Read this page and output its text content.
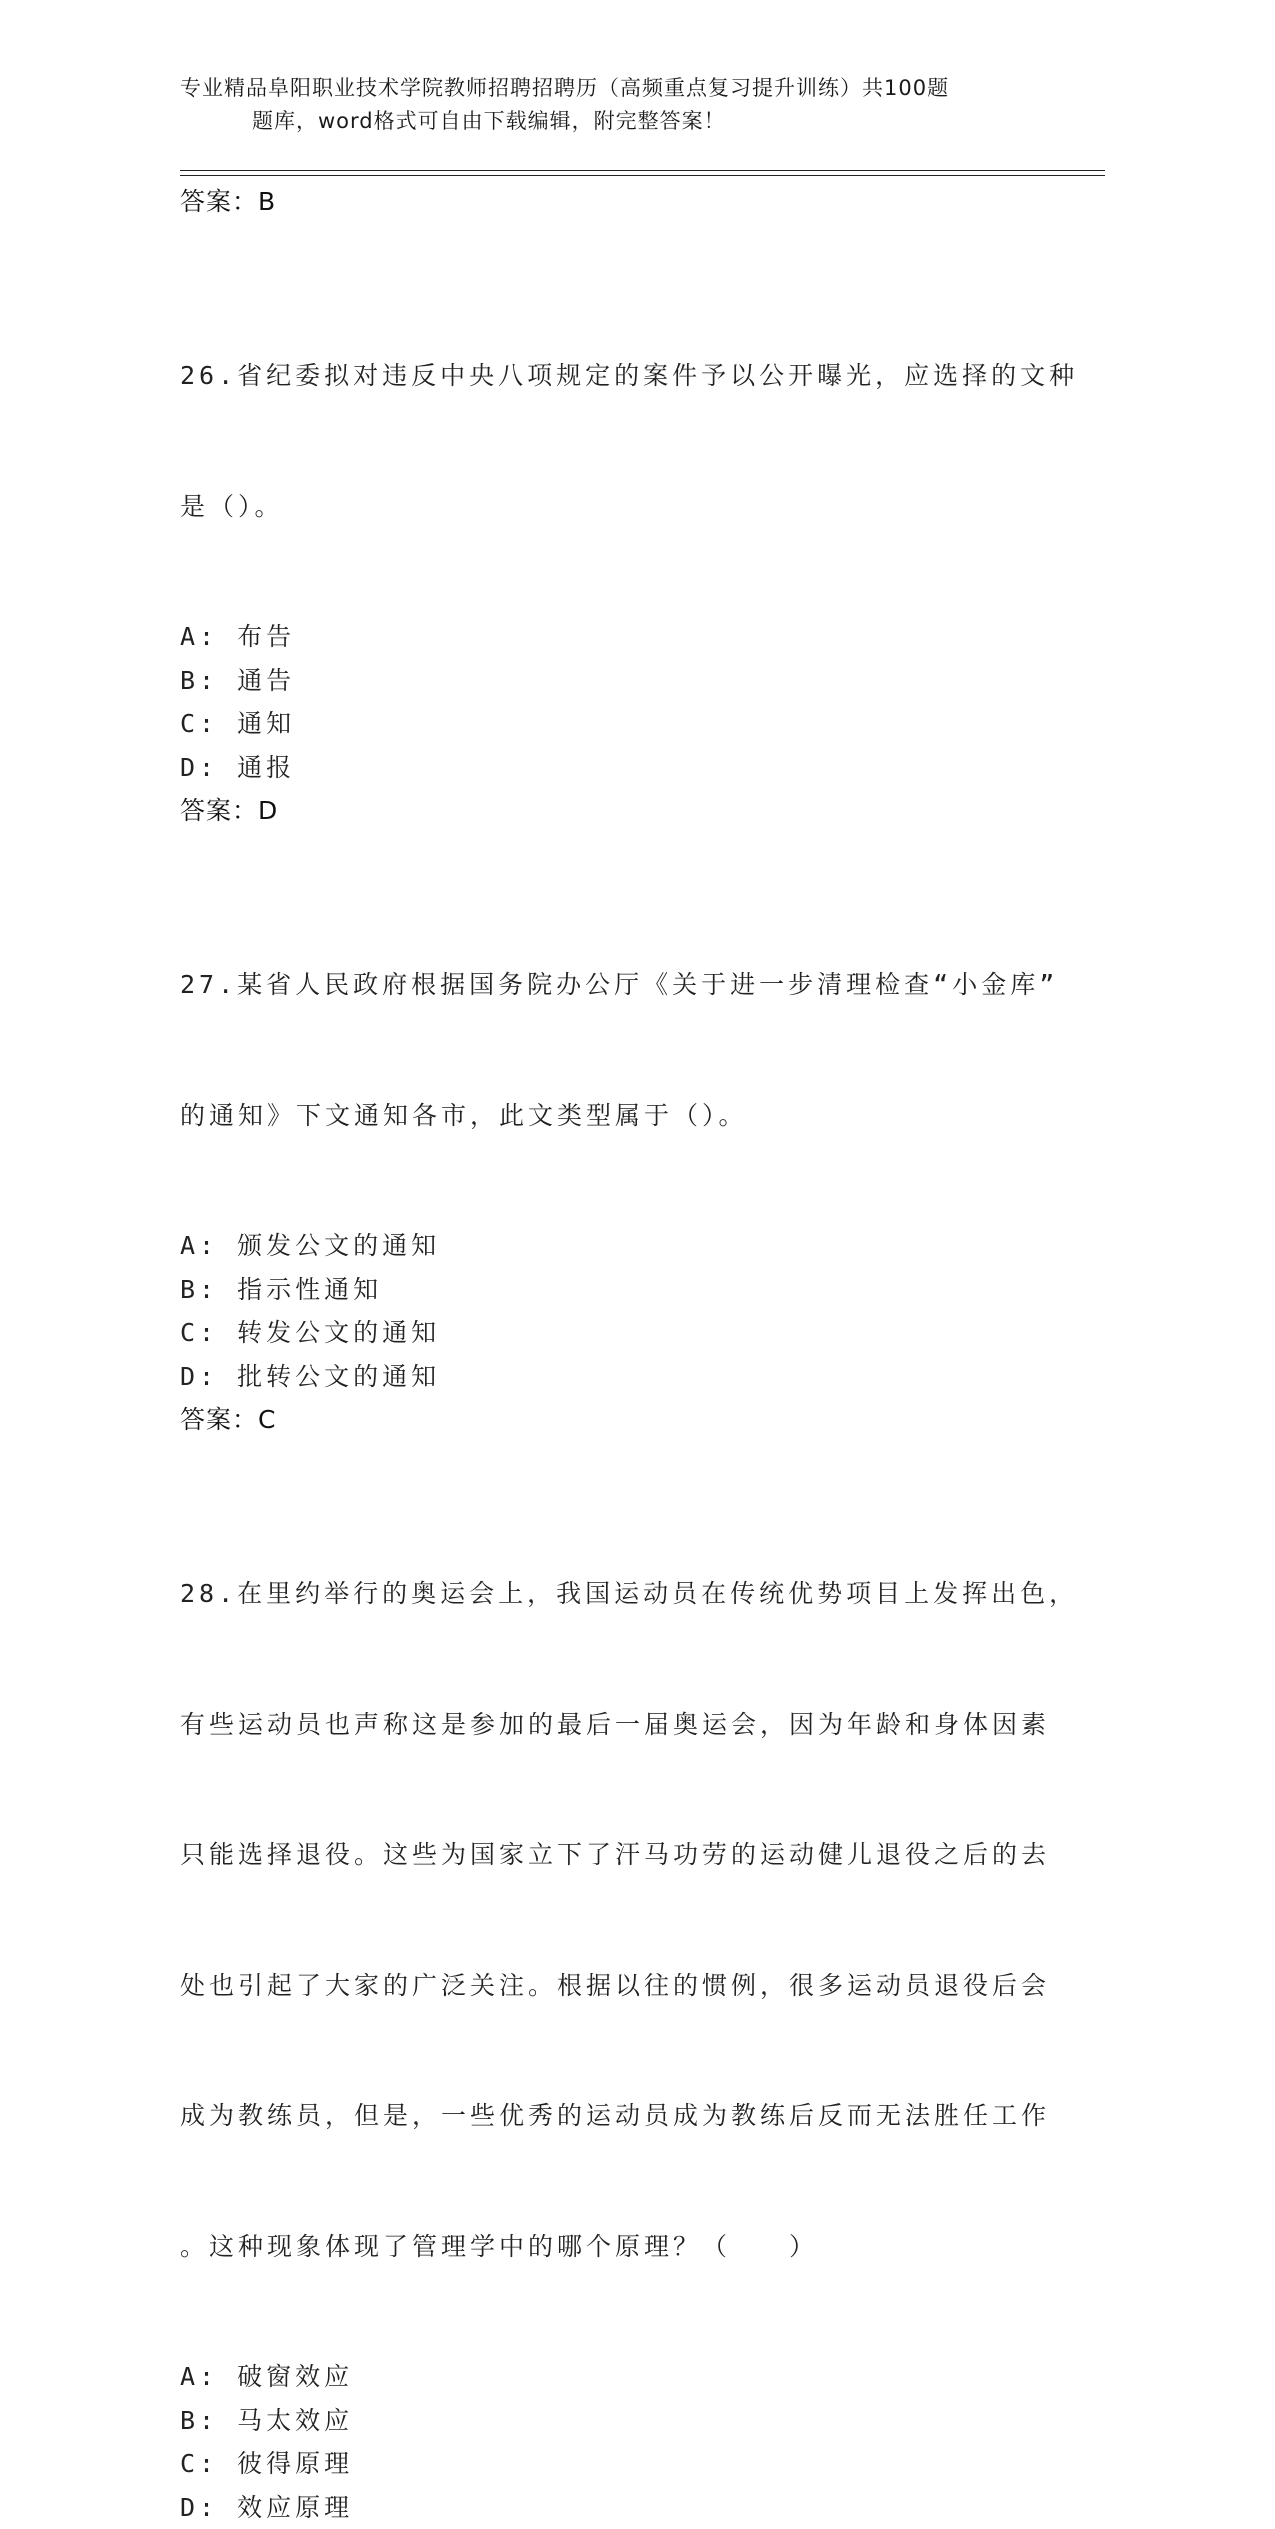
专业精品阜阳职业技术学院教师招聘招聘历（高频重点复习提升训练）共100题
题库，word格式可自由下载编辑，附完整答案！
答案：B

26.省纪委拟对违反中央八项规定的案件予以公开曝光，应选择的文种

是（）。

A: 布告
B: 通告
C: 通知
D: 通报
答案：D

27.某省人民政府根据国务院办公厅《关于进一步清理检查“小金库”

的通知》下文通知各市，此文类型属于（）。

A: 颁发公文的通知
B: 指示性通知
C: 转发公文的通知
D: 批转公文的通知
答案：C

28.在里约举行的奥运会上，我国运动员在传统优势项目上发挥出色，

有些运动员也声称这是参加的最后一届奥运会，因为年龄和身体因素

只能选择退役。这些为国家立下了汗马功劳的运动健儿退役之后的去

处也引起了大家的广泛关注。根据以往的惯例，很多运动员退役后会

成为教练员，但是，一些优秀的运动员成为教练后反而无法胜任工作

。这种现象体现了管理学中的哪个原理？（　　）

A: 破窗效应
B: 马太效应
C: 彼得原理
D: 效应原理
